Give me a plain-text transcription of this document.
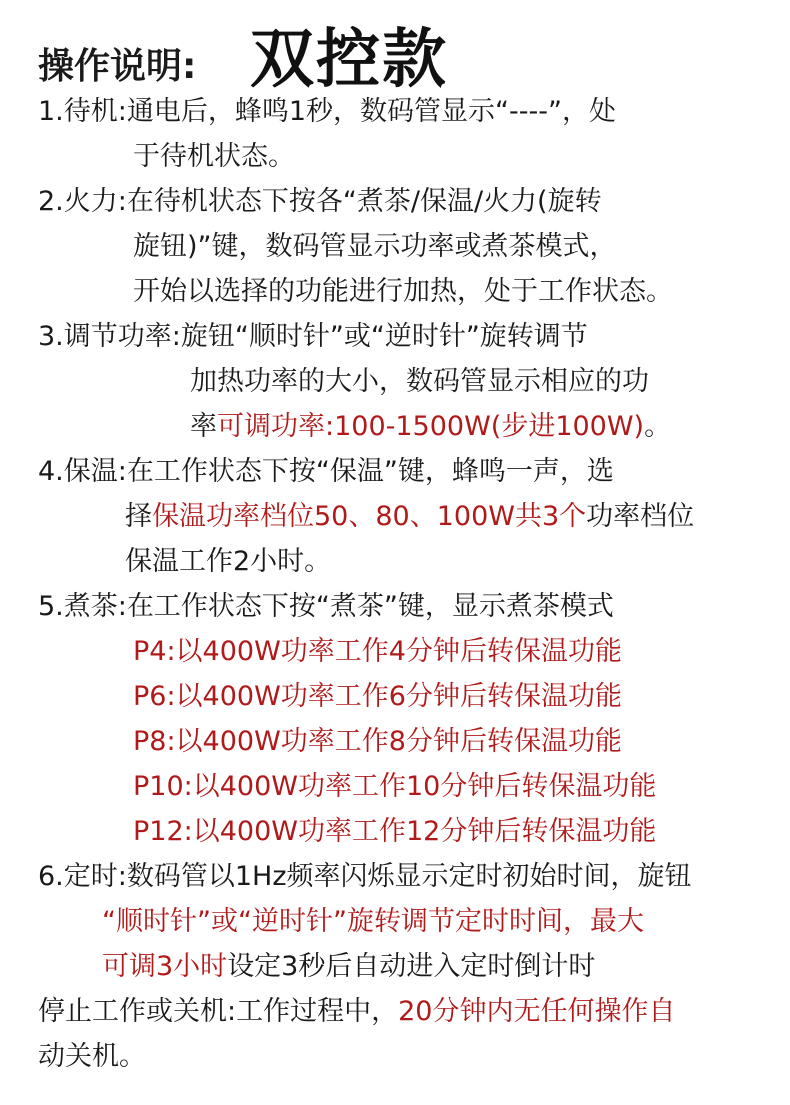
操作说明: 双控款
1.待机:通电后，蜂鸣1秒，数码管显示“----”，处
于待机状态。
2.火力:在待机状态下按各“煮茶/保温/火力(旋转
旋钮)”键，数码管显示功率或煮茶模式，
开始以选择的功能进行加热，处于工作状态。
3.调节功率:旋钮“顺时针”或“逆时针”旋转调节
加热功率的大小，数码管显示相应的功
率可调功率:100-1500W(步进100W)。
4.保温:在工作状态下按“保温”键，蜂鸣一声，选
择保温功率档位50、80、100W共3个功率档位
保温工作2小时。
5.煮茶:在工作状态下按“煮茶”键，显示煮茶模式
P4:以400W功率工作4分钟后转保温功能
P6:以400W功率工作6分钟后转保温功能
P8:以400W功率工作8分钟后转保温功能
P10:以400W功率工作10分钟后转保温功能
P12:以400W功率工作12分钟后转保温功能
6.定时:数码管以1Hz频率闪烁显示定时初始时间，旋钮
“顺时针”或“逆时针”旋转调节定时时间，最大
可调3小时设定3秒后自动进入定时倒计时
停止工作或关机:工作过程中，20分钟内无任何操作自
动关机。
